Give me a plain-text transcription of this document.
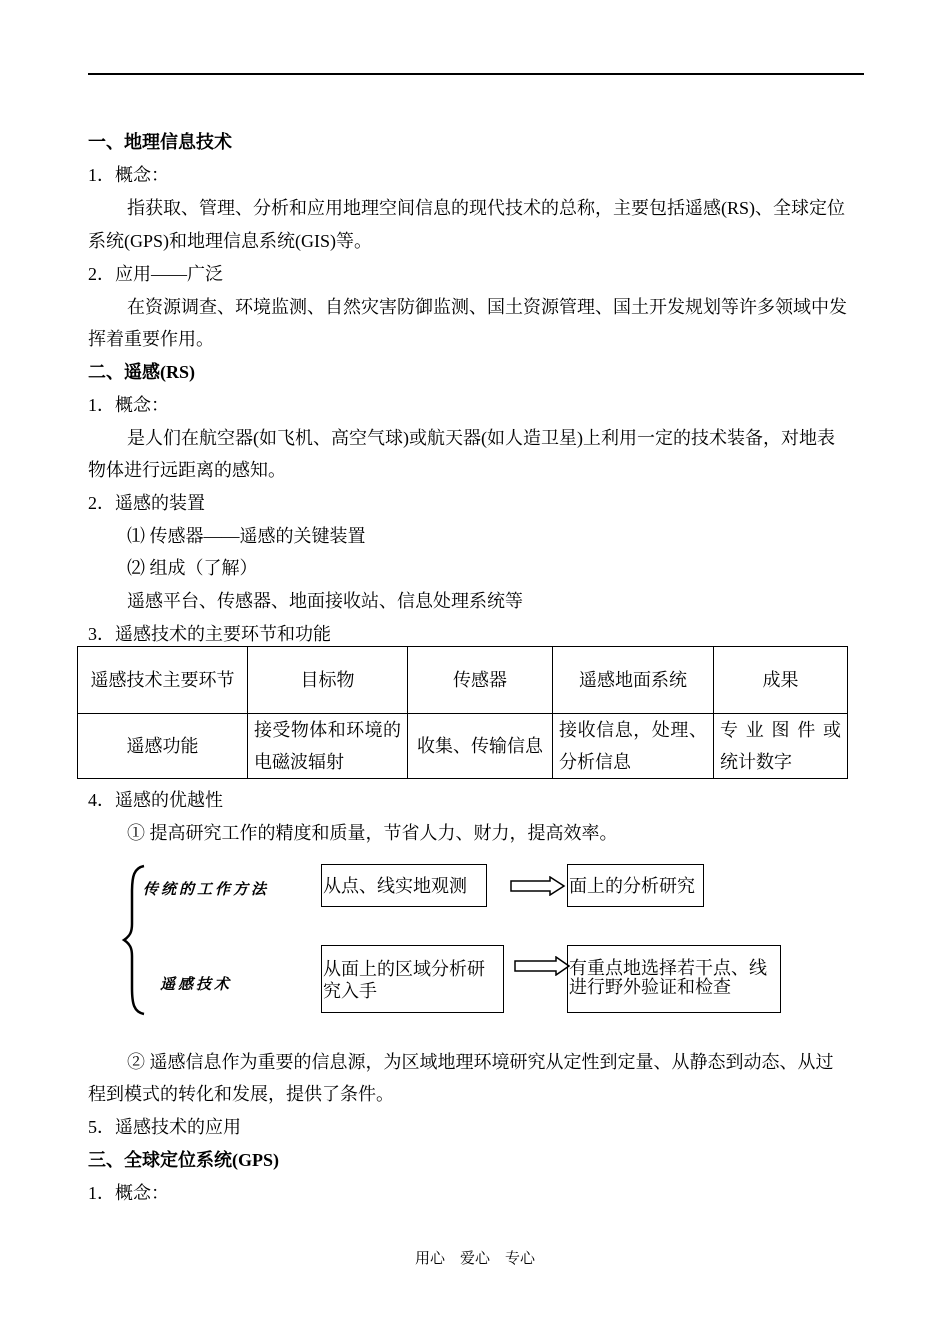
一、地理信息技术
1．概念：
指获取、管理、分析和应用地理空间信息的现代技术的总称，主要包括遥感(RS)、全球定位
系统(GPS)和地理信息系统(GIS)等。
2．应用——广泛
在资源调查、环境监测、自然灾害防御监测、国土资源管理、国土开发规划等许多领域中发
挥着重要作用。
二、遥感(RS)
1．概念：
是人们在航空器(如飞机、高空气球)或航天器(如人造卫星)上利用一定的技术装备，对地表
物体进行远距离的感知。
2．遥感的装置
⑴ 传感器——遥感的关键装置
⑵ 组成（了解）
遥感平台、传感器、地面接收站、信息处理系统等
3．遥感技术的主要环节和功能
遥感技术主要环节	目标物	传感器	遥感地面系统	成果
遥感功能	接受物体和环境的电磁波辐射	收集、传输信息	接收信息，处理、分析信息	专 业 图 件 或 统计数字
4．遥感的优越性
① 提高研究工作的精度和质量，节省人力、财力，提高效率。
传统的工作方法	从点、线实地观测	面上的分析研究
遥感技术
从面上的区域分析研究入手
有重点地选择若干点、线进行野外验证和检查
② 遥感信息作为重要的信息源，为区域地理环境研究从定性到定量、从静态到动态、从过
程到模式的转化和发展，提供了条件。
5．遥感技术的应用
三、全球定位系统(GPS)
1．概念：
用心　爱心　专心
